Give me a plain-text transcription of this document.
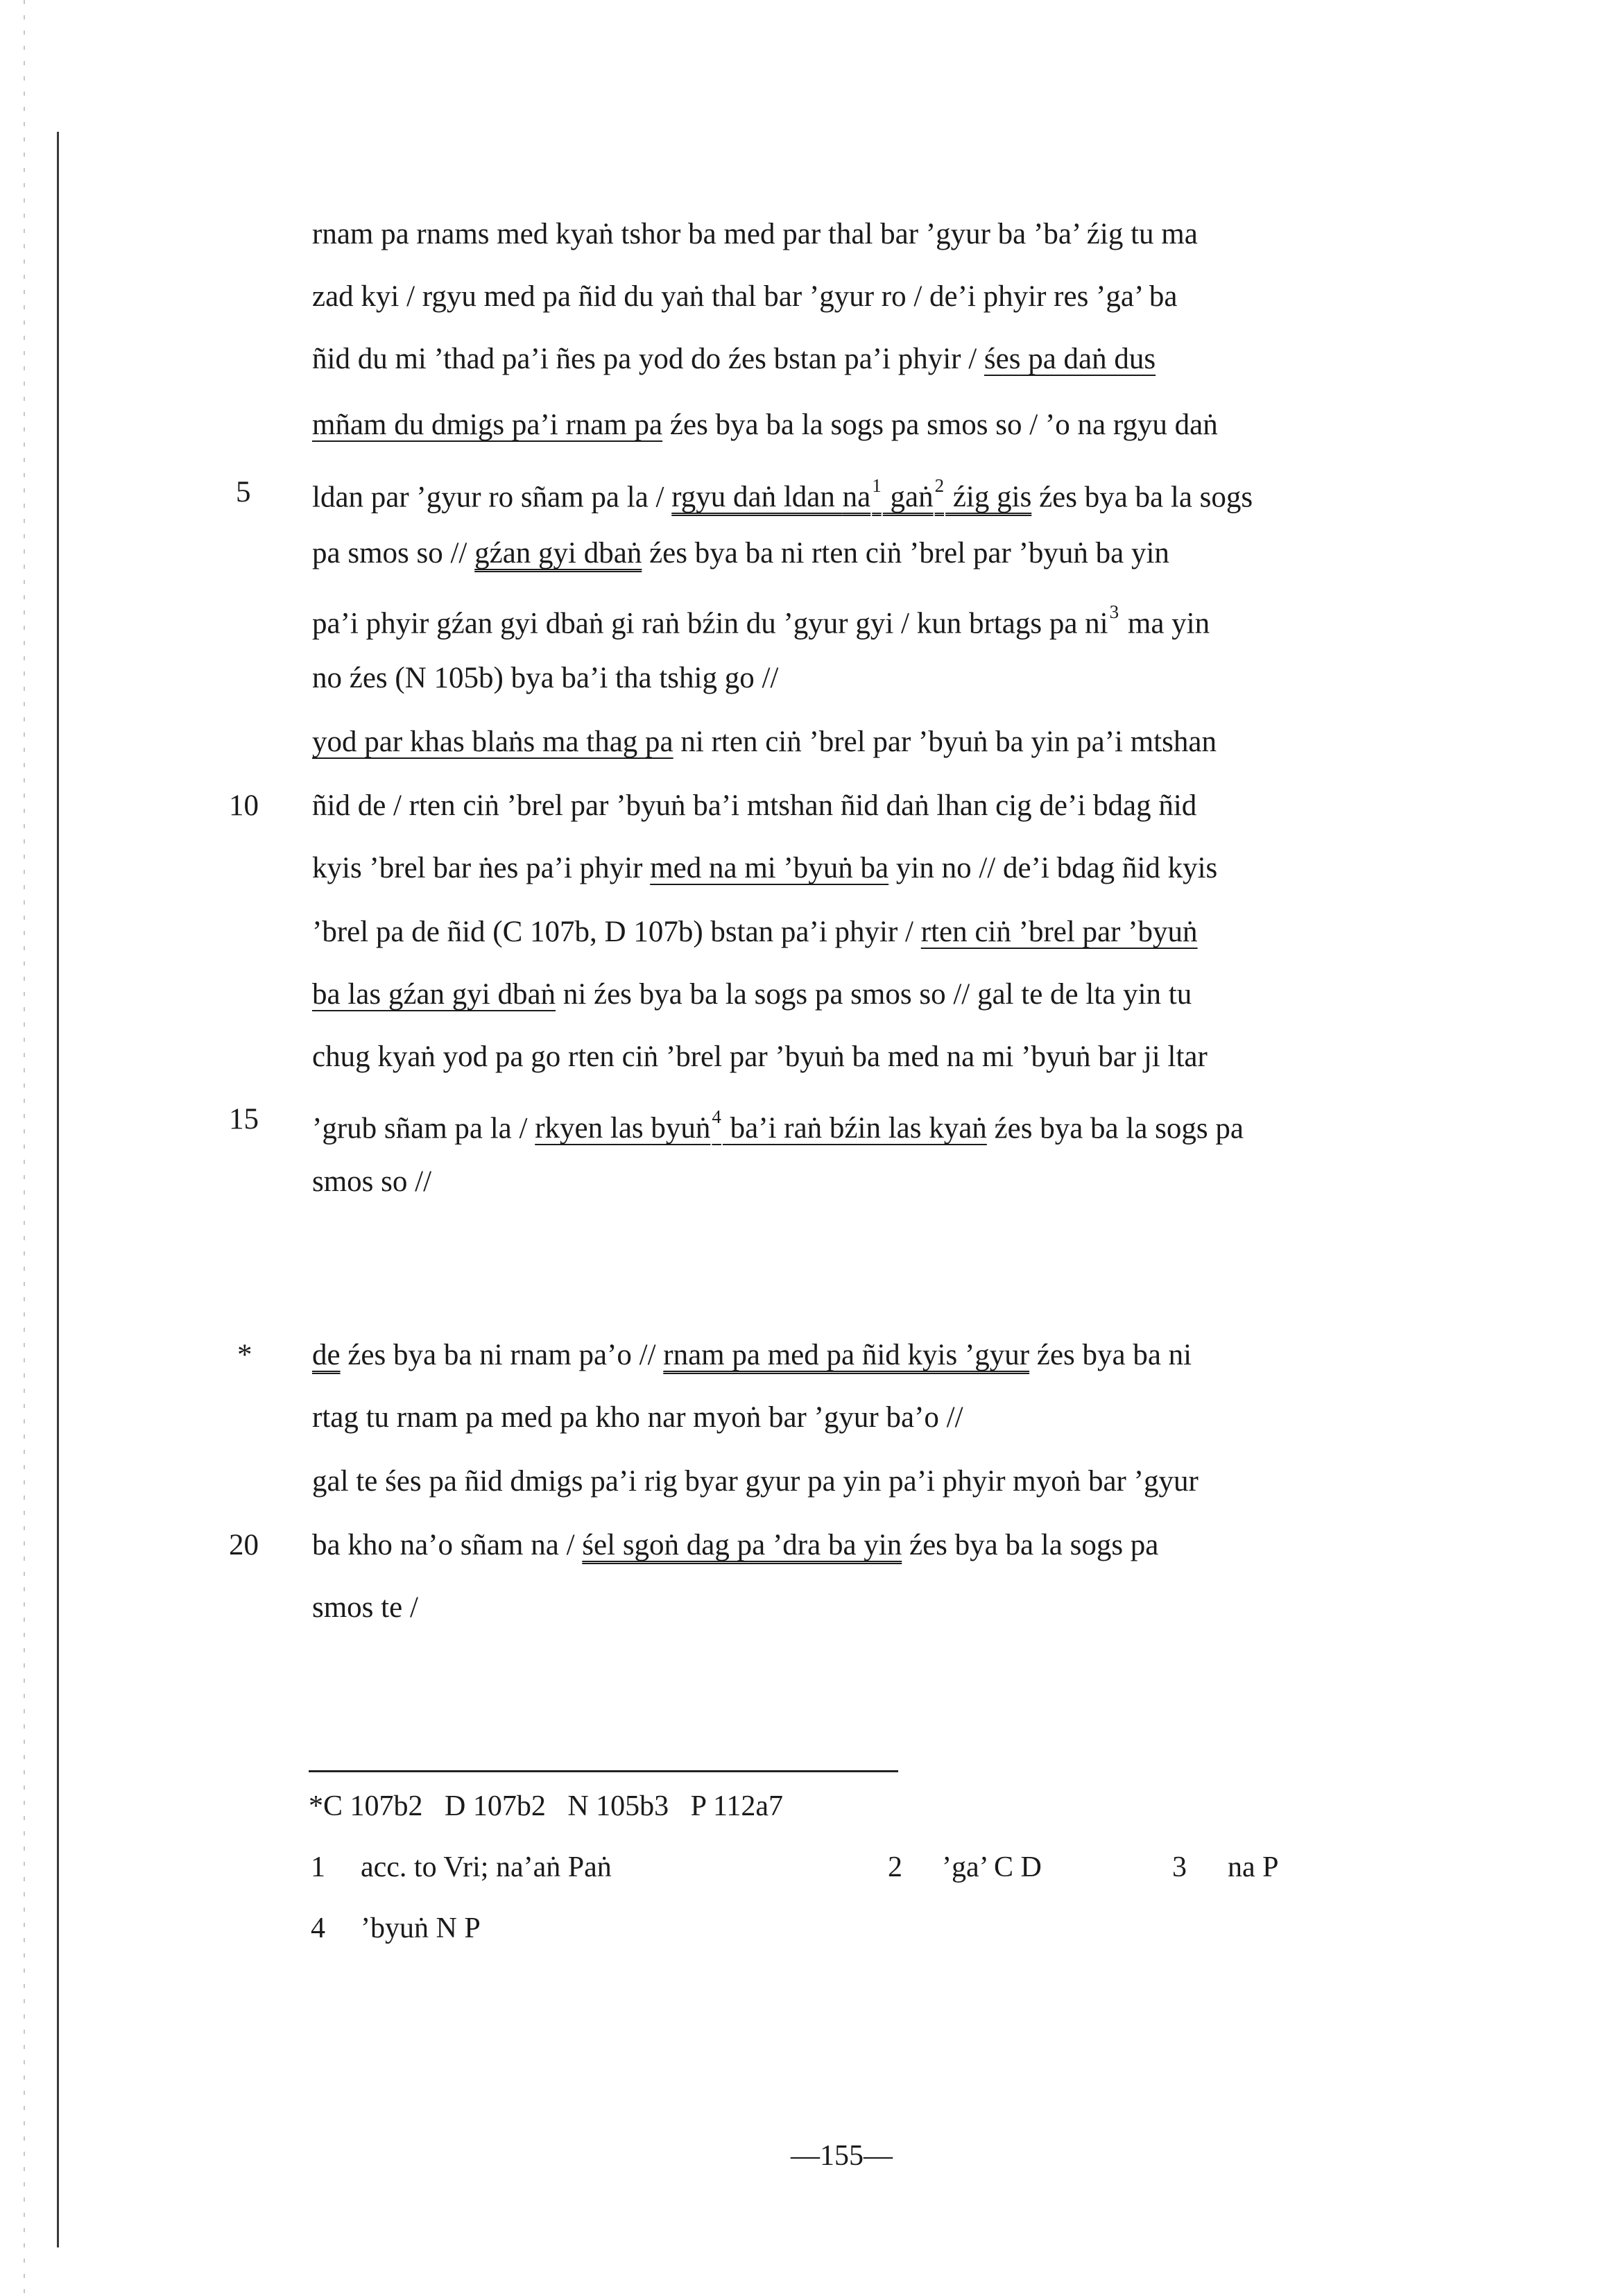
5
10
15
*
20
rnam pa rnams med kyaṅ tshor ba med par thal bar ’gyur ba ’ba’ źig tu ma
zad kyi / rgyu med pa ñid du yaṅ thal bar ’gyur ro / de’i phyir res ’ga’ ba
ñid du mi ’thad pa’i ñes pa yod do źes bstan pa’i phyir / śes pa daṅ dus
mñam du dmigs pa’i rnam pa źes bya ba la sogs pa smos so / ’o na rgyu daṅ
ldan par ’gyur ro sñam pa la / rgyu daṅ ldan $na^1$ gaṅ$^2$ źig gis źes bya ba la sogs
pa smos so // gźan gyi dbaṅ źes bya ba ni rten ciṅ ’brel par ’byuṅ ba yin
pa’i phyir gźan gyi dbaṅ gi raṅ bźin du ’gyur gyi / kun brtags pa $ni^3$ ma yin
no źes (N 105b) bya ba’i tha tshig go //
yod par khas blaṅs ma thag pa ni rten ciṅ ’brel par ’byuṅ ba yin pa’i mtshan
ñid de / rten ciṅ ’brel par ’byuṅ ba’i mtshan ñid daṅ lhan cig de’i bdag ñid
kyis ’brel bar ṅes pa’i phyir med na mi ’byuṅ ba yin no // de’i bdag ñid kyis
’brel pa de ñid (C 107b, D 107b) bstan pa’i phyir / rten ciṅ ’brel par ’byuṅ
ba las gźan gyi dbaṅ ni źes bya ba la sogs pa smos so // gal te de lta yin tu
chug kyaṅ yod pa go rten ciṅ ’brel par ’byuṅ ba med na mi ’byuṅ bar ji ltar
’grub sñam pa la / rkyen las byuṅ$^4$ ba’i raṅ bźin las kyaṅ źes bya ba la sogs pa
smos so //
de źes bya ba ni rnam pa’o // rnam pa med pa ñid kyis ’gyur źes bya ba ni
rtag tu rnam pa med pa kho nar myoṅ bar ’gyur ba’o //
gal te śes pa ñid dmigs pa’i rig byar gyur pa yin pa’i phyir myoṅ bar ’gyur
ba kho na’o sñam na / śel sgoṅ dag pa ’dra ba yin źes bya ba la sogs pa
smos te /
*C 107b2   D 107b2   N 105b3   P 112a7
1 acc. to Vri; na’aṅ Paṅ	2 ’ga’ C D	3 na P
4 ’byuṅ N P
—155—
